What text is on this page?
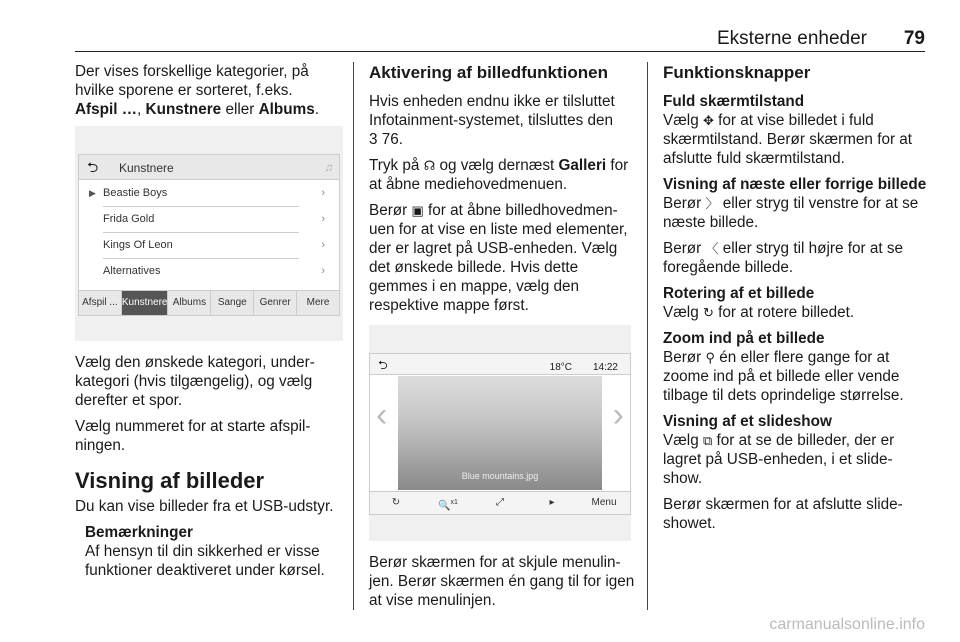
Eksterne enheder 79

Der vises forskellige kategorier, på hvilke sporene er sorteret, f.eks.
Afspil …, Kunstnere eller Albums.

⮌ Kunstnere	♫
▶ Beastie Boys	›
Frida Gold	›
Kings Of Leon	›
Alternatives	›
Afspil ... Kunstnere Albums	Sange	Genrer	Mere

Vælg den ønskede kategori, under-kategori (hvis tilgængelig), og vælg derefter et spor.

Vælg nummeret for at starte afspil-ningen.

Visning af billeder

Du kan vise billeder fra et USB-udstyr.

Bemærkninger
Af hensyn til din sikkerhed er visse funktioner deaktiveret under kørsel.
Aktivering af billedfunktionen

Hvis enheden endnu ikke er tilsluttet Infotainment-systemet, tilsluttes den
3 76.

Tryk på ☊ og vælg dernæst Galleri for at åbne mediehovedmenuen.

Berør ▣ for at åbne billedhovedmen-uen for at vise en liste med elementer, der er lagret på USB-enheden. Vælg det ønskede billede. Hvis dette gemmes i en mappe, vælg den respektive mappe først.

⮌	18°C 14:22
Blue mountains.jpg
‹	›
↻	🔍$^{x1}$	⤢	▸	Menu

Berør skærmen for at skjule menulin-jen. Berør skærmen én gang til for igen at vise menulinjen.

Funktionsknapper
Fuld skærmtilstand

Vælg ✥ for at vise billedet i fuld skærmtilstand. Berør skærmen for at afslutte fuld skærmtilstand.

Visning af næste eller forrige billede

Berør 〉 eller stryg til venstre for at se næste billede.

Berør 〈 eller stryg til højre for at se foregående billede.

Rotering af et billede

Vælg ↻ for at rotere billedet.

Zoom ind på et billede

Berør ⚲ én eller flere gange for at zoome ind på et billede eller vende tilbage til dets oprindelige størrelse.

Visning af et slideshow

Vælg ⧉ for at se de billeder, der er lagret på USB-enheden, i et slide-show.

Berør skærmen for at afslutte slide-showet.

carmanualsonline.info
